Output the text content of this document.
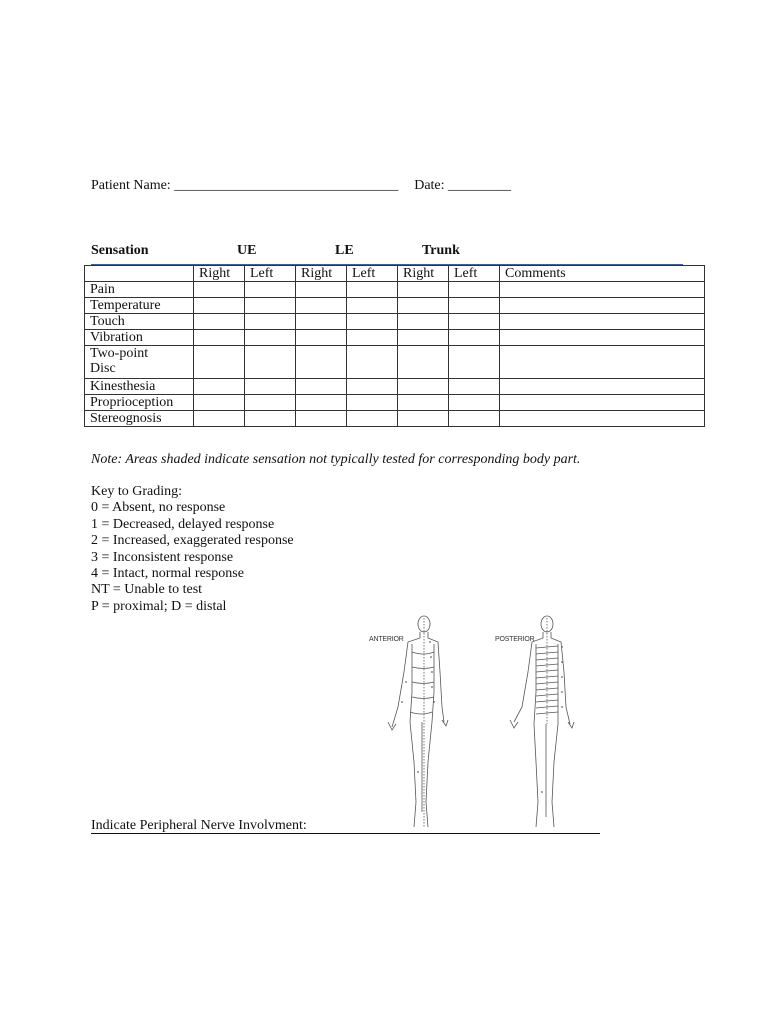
Patient Name: ________________________________ Date: _________
Sensation	UE	LE	Trunk
	Right	Left	Right	Left	Right	Left	Comments
Pain							
Temperature							
Touch							
Vibration							
Two-point
Disc							
Kinesthesia							
Proprioception							
Stereognosis							
Note: Areas shaded indicate sensation not typically tested for corresponding body part.
Key to Grading:
0 = Absent, no response
1 = Decreased, delayed response
2 = Increased, exaggerated response
3 = Inconsistent response
4 = Intact, normal response
NT = Unable to test
P = proximal; D = distal
ANTERIOR	POSTERIOR
Indicate Peripheral Nerve Involvment:
